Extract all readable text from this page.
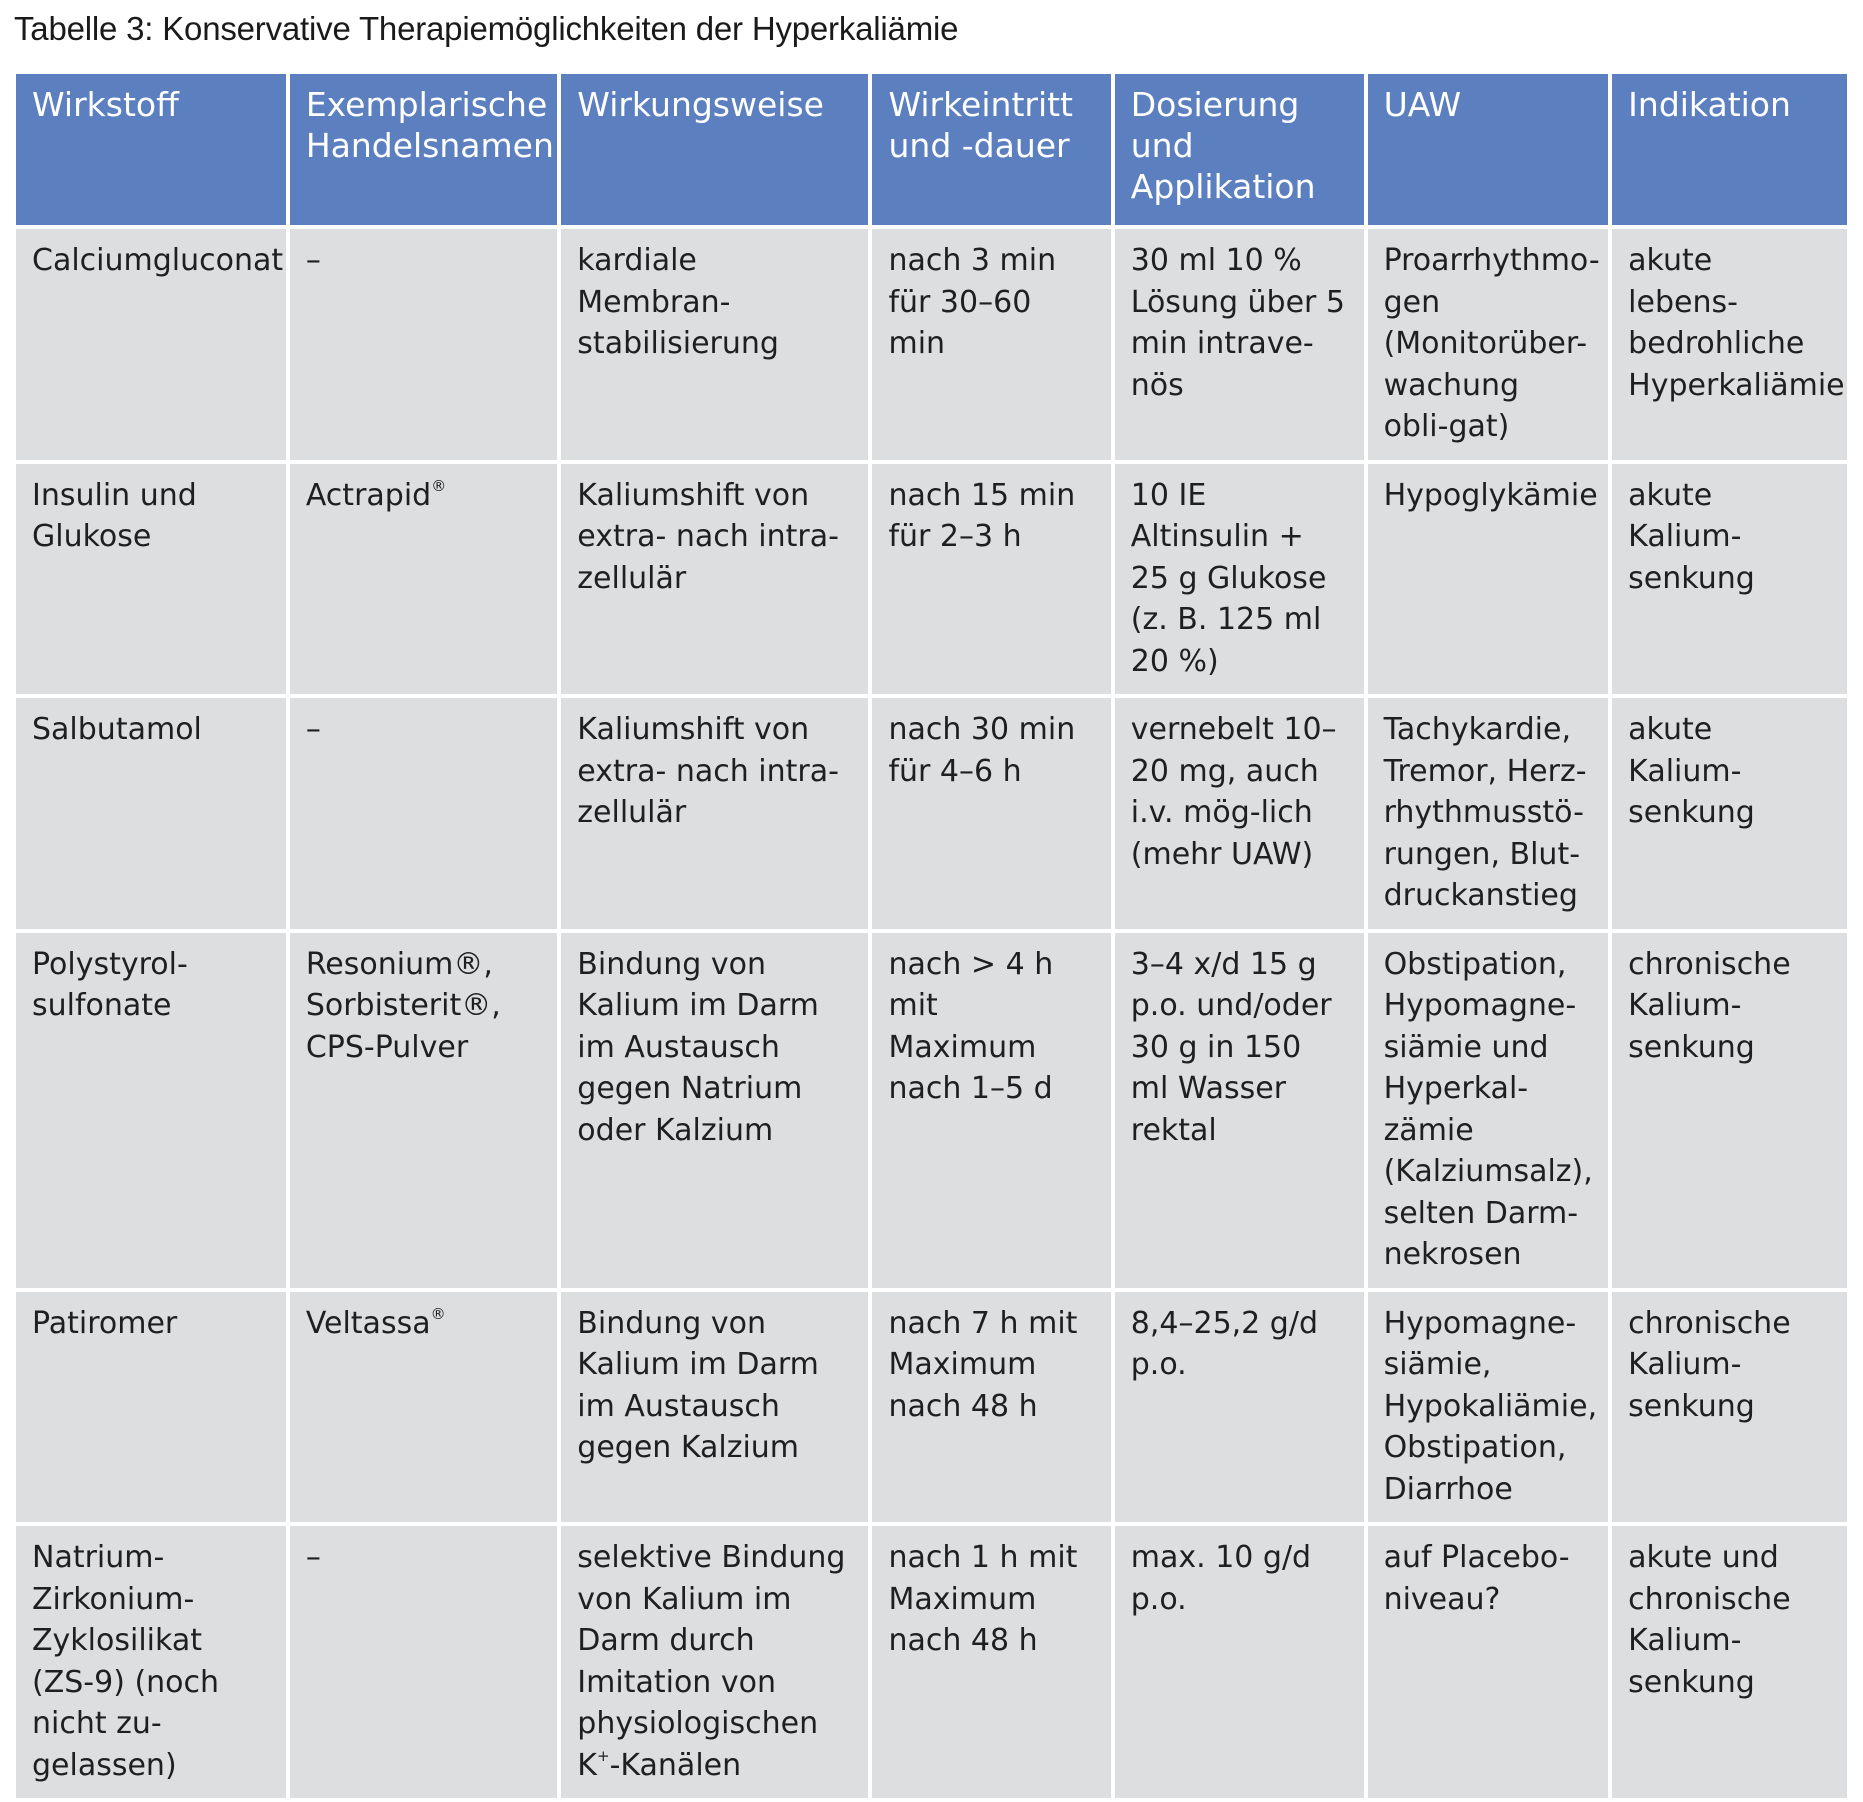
Tabelle 3: Konservative Therapiemöglichkeiten der Hyperkaliämie
Wirkstoff	Exemplarische Handelsnamen	Wirkungsweise	Wirkeintritt und -dauer	Dosierung und Applikation	UAW	Indikation
Calciumgluconat	–	kardiale Membran-stabilisierung	nach 3 min für 30–60 min	30 ml 10 % Lösung über 5 min intrave-nös	Proarrhythmo-gen (Monitorüber-wachung obli-gat)	akute lebens-bedrohliche Hyperkaliämie
Insulin und Glukose	Actrapid®	Kaliumshift von extra- nach intra-zellulär	nach 15 min für 2–3 h	10 IE Altinsulin + 25 g Glukose (z. B. 125 ml 20 %)	Hypoglykämie	akute Kalium-senkung
Salbutamol	–	Kaliumshift von extra- nach intra-zellulär	nach 30 min für 4–6 h	vernebelt 10–20 mg, auch i.v. mög-lich (mehr UAW)	Tachykardie, Tremor, Herz-rhythmusstö-rungen, Blut-druckanstieg	akute Kalium-senkung
Polystyrol-sulfonate	Resonium®, Sorbisterit®, CPS-Pulver	Bindung von Kalium im Darm im Austausch gegen Natrium oder Kalzium	nach > 4 h mit Maximum nach 1–5 d	3–4 x/d 15 g p.o. und/oder 30 g in 150 ml Wasser rektal	Obstipation, Hypomagne-siämie und Hyperkal-zämie (Kalziumsalz), selten Darm-nekrosen	chronische Kalium-senkung
Patiromer	Veltassa®	Bindung von Kalium im Darm im Austausch gegen Kalzium	nach 7 h mit Maximum nach 48 h	8,4–25,2 g/d p.o.	Hypomagne-siämie, Hypokaliämie, Obstipation, Diarrhoe	chronische Kalium-senkung
Natrium-Zirkonium-Zyklosilikat (ZS-9) (noch nicht zu-gelassen)	–	selektive Bindung von Kalium im Darm durch Imitation von physiologischen K+-Kanälen	nach 1 h mit Maximum nach 48 h	max. 10 g/d p.o.	auf Placebo-niveau?	akute und chronische Kalium-senkung
